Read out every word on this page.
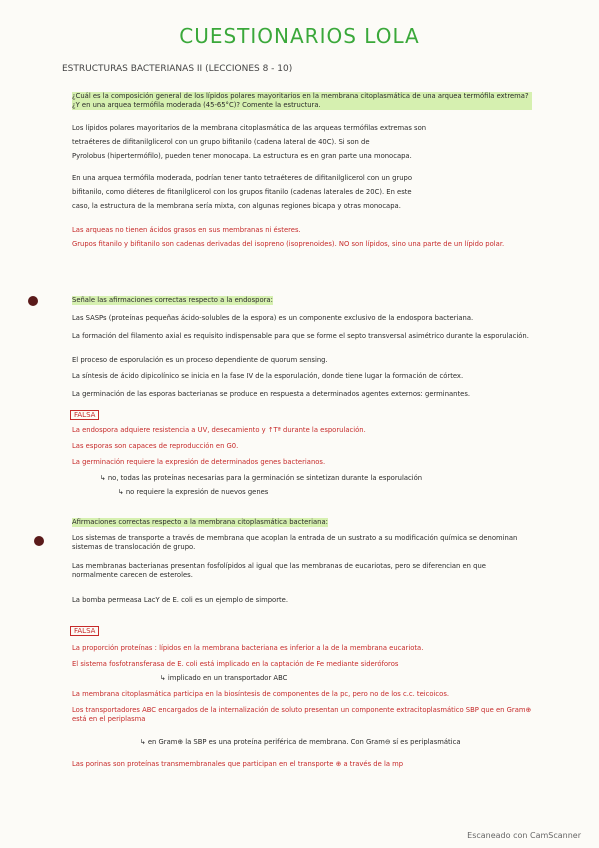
CUESTIONARIOS LOLA
ESTRUCTURAS BACTERIANAS II (LECCIONES 8 - 10)
¿Cuál es la composición general de los lípidos polares mayoritarios en la membrana citoplasmática de una arquea termófila extrema? ¿Y en una arquea termófila moderada (45-65°C)? Comente la estructura.
Los lípidos polares mayoritarios de la membrana citoplasmática de las arqueas termófilas extremas son
tetraéteres de difitanilglicerol con un grupo bifitanilo (cadena lateral de 40C). Si son de
Pyrolobus (hipertermófilo), pueden tener monocapa. La estructura es en gran parte una monocapa.
En una arquea termófila moderada, podrían tener tanto tetraéteres de difitanilglicerol con un grupo
bifitanilo, como diéteres de fitanilglicerol con los grupos fitanilo (cadenas laterales de 20C). En este
caso, la estructura de la membrana sería mixta, con algunas regiones bicapa y otras monocapa.
Las arqueas no tienen ácidos grasos en sus membranas ni ésteres.
Grupos fitanilo y bifitanilo son cadenas derivadas del isopreno (isoprenoides). NO son lípidos, sino una parte de un lípido polar.
Señale las afirmaciones correctas respecto a la endospora:
Las SASPs (proteínas pequeñas ácido-solubles de la espora) es un componente exclusivo de la endospora bacteriana.
La formación del filamento axial es requisito indispensable para que se forme el septo transversal asimétrico durante la esporulación.
El proceso de esporulación es un proceso dependiente de quorum sensing.
La síntesis de ácido dipicolínico se inicia en la fase IV de la esporulación, donde tiene lugar la formación de córtex.
La germinación de las esporas bacterianas se produce en respuesta a determinados agentes externos: germinantes.
FALSA
La endospora adquiere resistencia a UV, desecamiento y ↑Tª durante la esporulación.
Las esporas son capaces de reproducción en G0.
La germinación requiere la expresión de determinados genes bacterianos.
↳ no, todas las proteínas necesarias para la germinación se sintetizan durante la esporulación
↳ no requiere la expresión de nuevos genes
Afirmaciones correctas respecto a la membrana citoplasmática bacteriana:
Los sistemas de transporte a través de membrana que acoplan la entrada de un sustrato a su modificación química se denominan sistemas de translocación de grupo.
Las membranas bacterianas presentan fosfolípidos al igual que las membranas de eucariotas, pero se diferencian en que normalmente carecen de esteroles.
La bomba permeasa LacY de E. coli es un ejemplo de simporte.
FALSA
La proporción proteínas : lípidos en la membrana bacteriana es inferior a la de la membrana eucariota.
El sistema fosfotransferasa de E. coli está implicado en la captación de Fe mediante sideróforos
↳ implicado en un transportador ABC
La membrana citoplasmática participa en la biosíntesis de componentes de la pc, pero no de los c.c. teicoicos.
Los transportadores ABC encargados de la internalización de soluto presentan un componente extracitoplasmático SBP que en Gram⊕ está en el periplasma
↳ en Gram⊕ la SBP es una proteína periférica de membrana. Con Gram⊖ sí es periplasmática
Las porinas son proteínas transmembranales que participan en el transporte ⊕ a través de la mp
Escaneado con CamScanner
